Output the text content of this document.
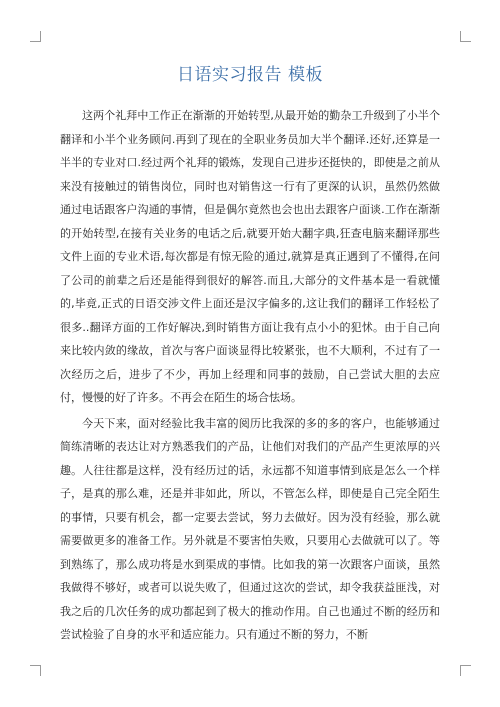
日语实习报告 模板

这两个礼拜中工作正在渐渐的开始转型,从最开始的勤杂工升级到了小半个翻译和小半个业务顾问.再到了现在的全职业务员加大半个翻译.还好,还算是一半半的专业对口.经过两个礼拜的锻炼，发现自己进步还挺快的，即使是之前从来没有接触过的销售岗位，同时也对销售这一行有了更深的认识，虽然仍然做通过电话跟客户沟通的事情，但是偶尔竟然也会也出去跟客户面谈.工作在渐渐的开始转型,在接有关业务的电话之后,就要开始大翻字典,狂查电脑来翻译那些文件上面的专业术语,每次都是有惊无险的通过,就算是真正遇到了不懂得,在问了公司的前辈之后还是能得到很好的解答.而且,大部分的文件基本是一看就懂的,毕竟,正式的日语交涉文件上面还是汉字偏多的,这让我们的翻译工作轻松了很多..翻译方面的工作好解决,到时销售方面让我有点小小的犯怵。由于自己向来比较内敛的缘故，首次与客户面谈显得比较紧张，也不大顺利，不过有了一次经历之后，进步了不少，再加上经理和同事的鼓励，自己尝试大胆的去应付，慢慢的好了许多。不再会在陌生的场合怯场。

今天下来，面对经验比我丰富的阅历比我深的多的多的客户，也能够通过简练清晰的表达让对方熟悉我们的产品，让他们对我们的产品产生更浓厚的兴趣。人往往都是这样，没有经历过的话，永远都不知道事情到底是怎么一个样子，是真的那么难，还是并非如此，所以，不管怎么样，即使是自己完全陌生的事情，只要有机会，都一定要去尝试，努力去做好。因为没有经验，那么就需要做更多的准备工作。另外就是不要害怕失败，只要用心去做就可以了。等到熟练了，那么成功将是水到渠成的事情。比如我的第一次跟客户面谈，虽然我做得不够好，或者可以说失败了，但通过这次的尝试，却令我获益匪浅，对我之后的几次任务的成功都起到了极大的推动作用。自己也通过不断的经历和尝试检验了自身的水平和适应能力。只有通过不断的努力，不断
